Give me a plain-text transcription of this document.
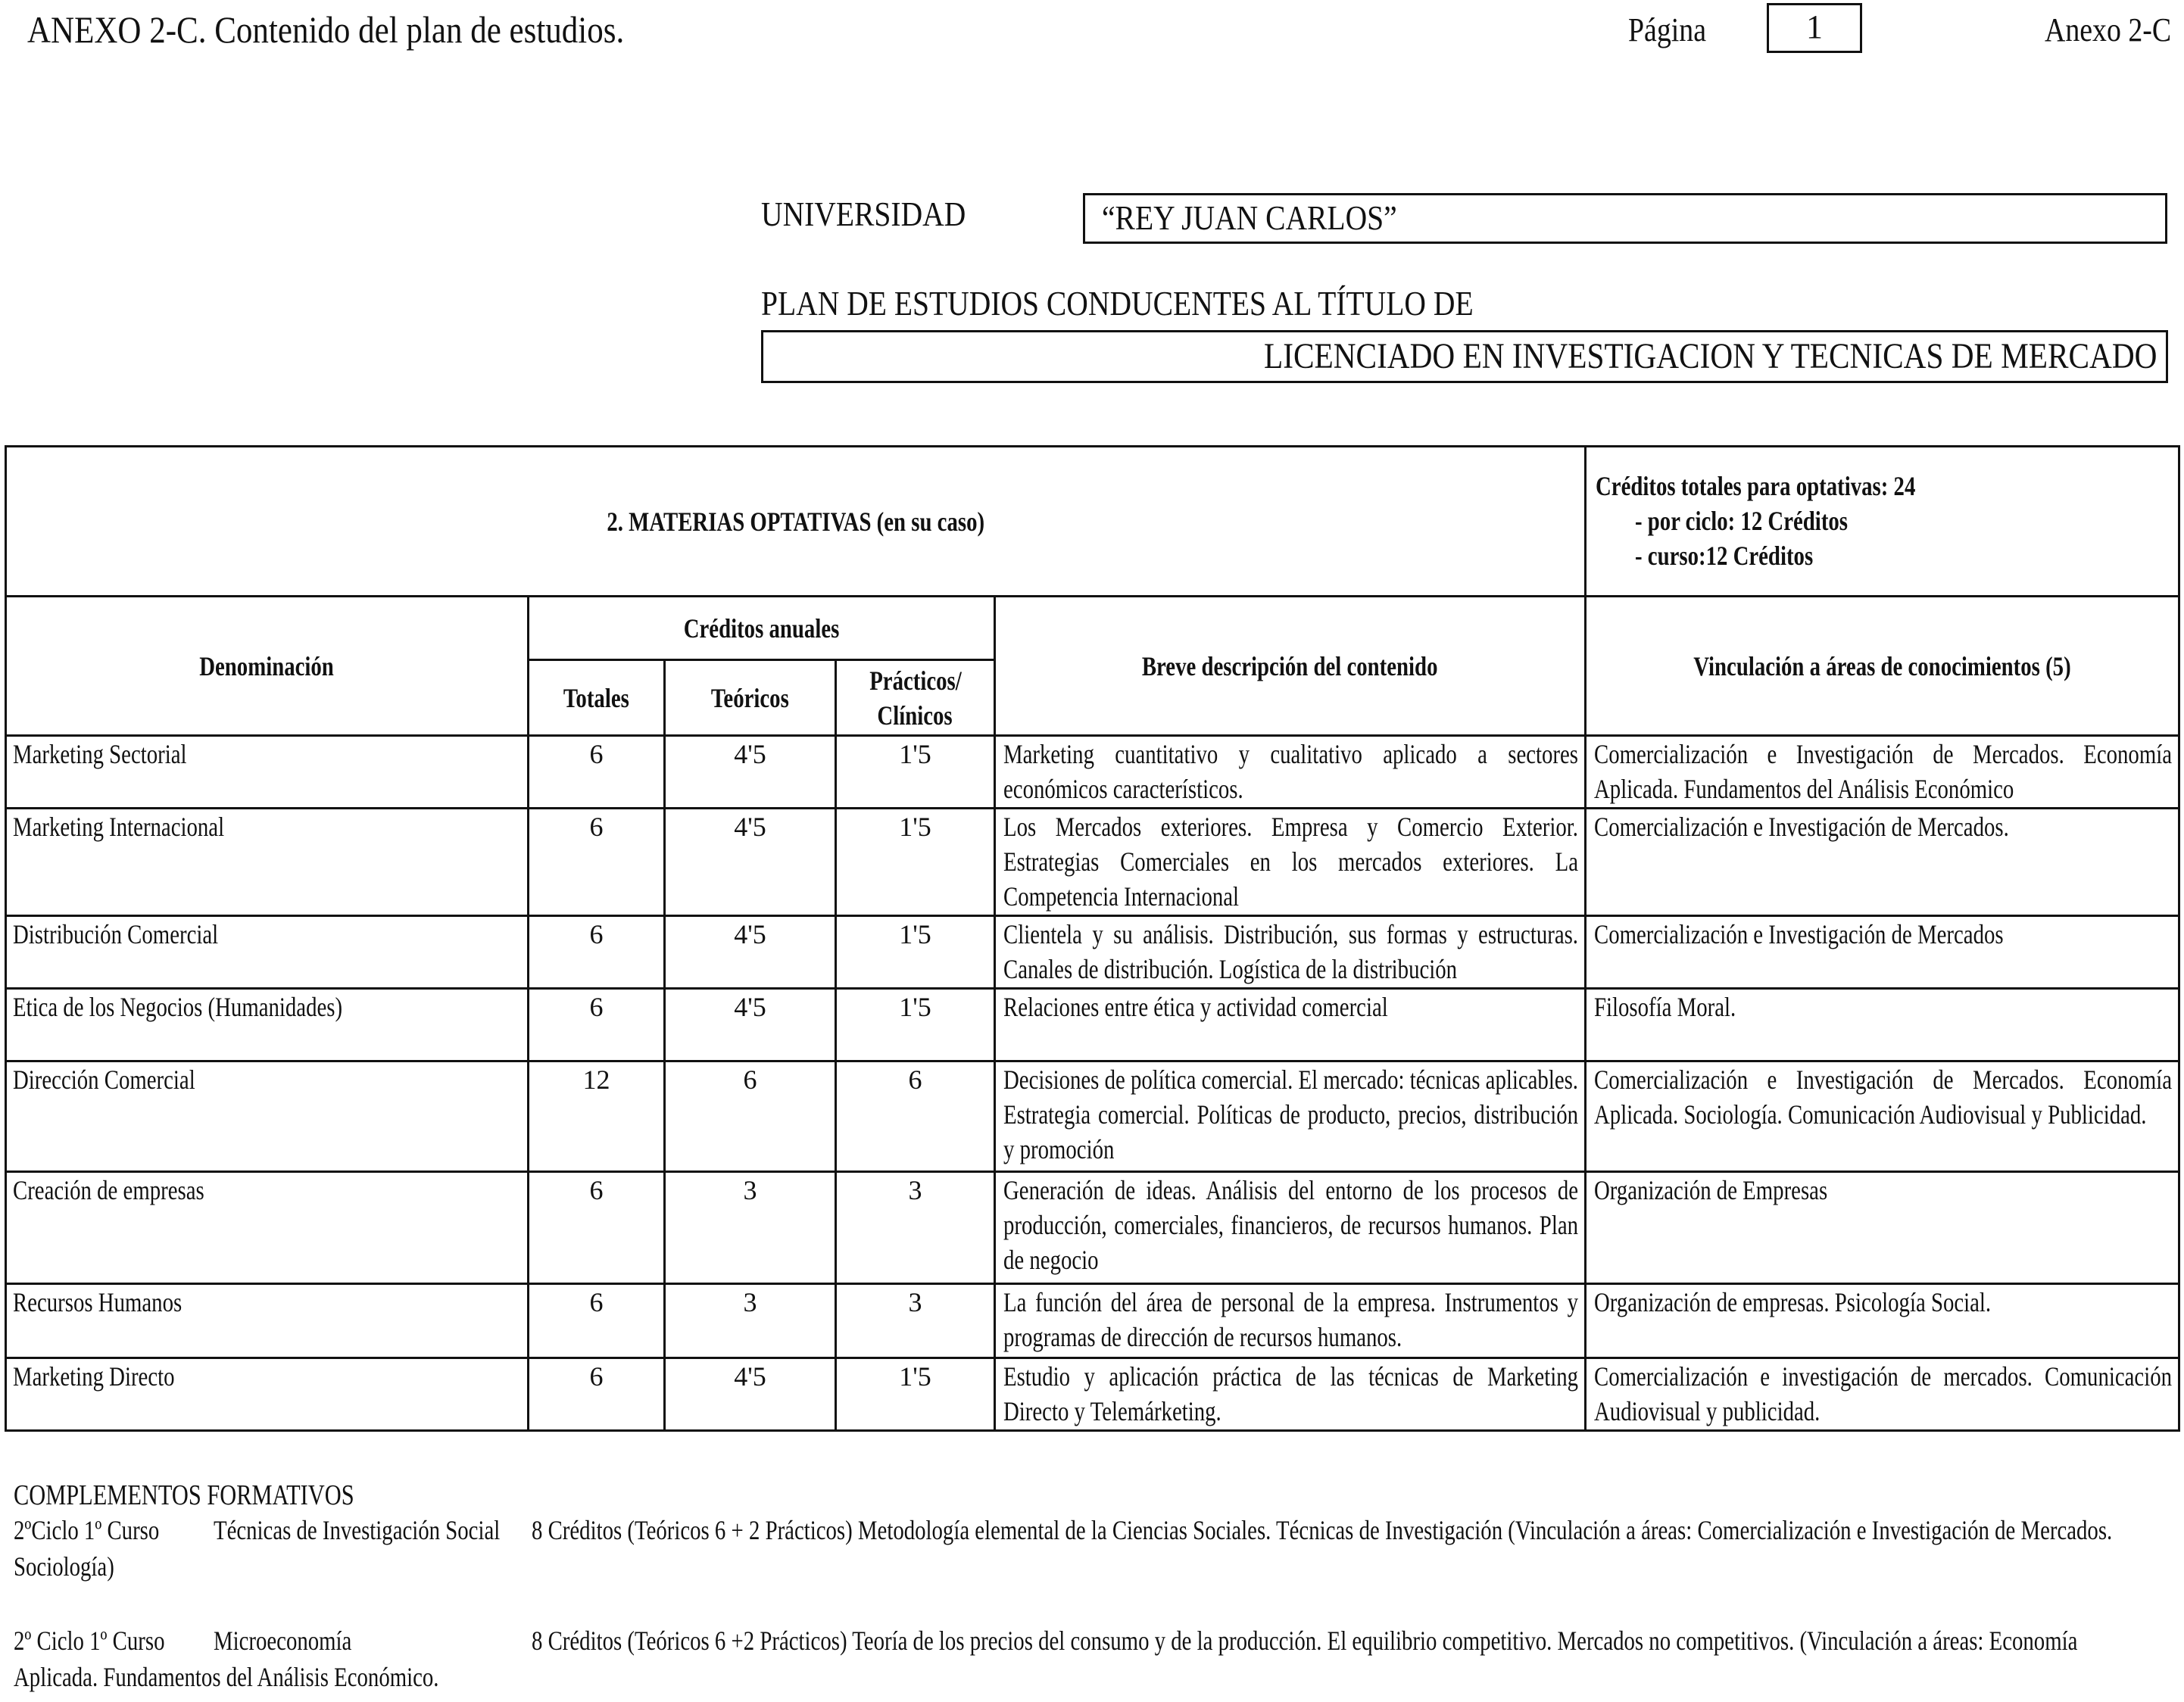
ANEXO 2-C. Contenido del plan de estudios.	Página	1	Anexo 2-C
UNIVERSIDAD	“REY JUAN CARLOS”
PLAN DE ESTUDIOS CONDUCENTES AL TÍTULO DE
LICENCIADO EN INVESTIGACION Y TECNICAS DE MERCADO
2. MATERIAS OPTATIVAS (en su caso)	
Créditos totales para optativas: 24
- por ciclo: 12 Créditos
- curso:12 Créditos

Denominación	Créditos anuales	Breve descripción del contenido	Vinculación a áreas de conocimientos (5)
Totales	Teóricos	
Prácticos/
Clínicos

Marketing Sectorial	6	4'5	1'5	Marketing cuantitativo y cualitativo aplicado a sectores económicos característicos.

Comercialización e Investigación de Mercados. Economía Aplicada. Fundamentos del Análisis Económico

Marketing Internacional	6	4'5	1'5	Los Mercados exteriores. Empresa y Comercio Exterior. Estrategias Comerciales en los mercados exteriores. La Competencia Internacional

Comercialización e Investigación de Mercados.

Distribución Comercial	6	4'5	1'5	Clientela y su análisis. Distribución, sus formas y estructuras. Canales de distribución. Logística de la distribución

Comercialización e Investigación de Mercados

Etica de los Negocios (Humanidades)	6	4'5	1'5	Relaciones entre ética y actividad comercial	Filosofía Moral.

Dirección Comercial	12	6	6	Decisiones de política comercial. El mercado: técnicas aplicables. Estrategia comercial. Políticas de producto, precios, distribución y promoción

Comercialización e Investigación de Mercados. Economía Aplicada. Sociología. Comunicación Audiovisual y Publicidad.

Creación de empresas	6	3	3	Generación de ideas. Análisis del entorno de los procesos de producción, comerciales, financieros, de recursos humanos. Plan de negocio

Organización de Empresas

Recursos Humanos	6	3	3	La función del área de personal de la empresa. Instrumentos y programas de dirección de recursos humanos.

Organización de empresas. Psicología Social.

Marketing Directo	6	4'5	1'5	Estudio y aplicación práctica de las técnicas de Marketing Directo y Telemárketing.

Comercialización e investigación de mercados. Comunicación Audiovisual y publicidad.
COMPLEMENTOS FORMATIVOS
2ºCiclo 1º Curso Técnicas de Investigación Social 8 Créditos (Teóricos 6 + 2 Prácticos) Metodología elemental de la Ciencias Sociales. Técnicas de Investigación (Vinculación a áreas: Comercialización e Investigación de Mercados.
Sociología)
2º Ciclo 1º Curso Microeconomía	8 Créditos (Teóricos 6 +2 Prácticos) Teoría de los precios del consumo y de la producción. El equilibrio competitivo. Mercados no competitivos. (Vinculación a áreas: Economía
Aplicada. Fundamentos del Análisis Económico.
